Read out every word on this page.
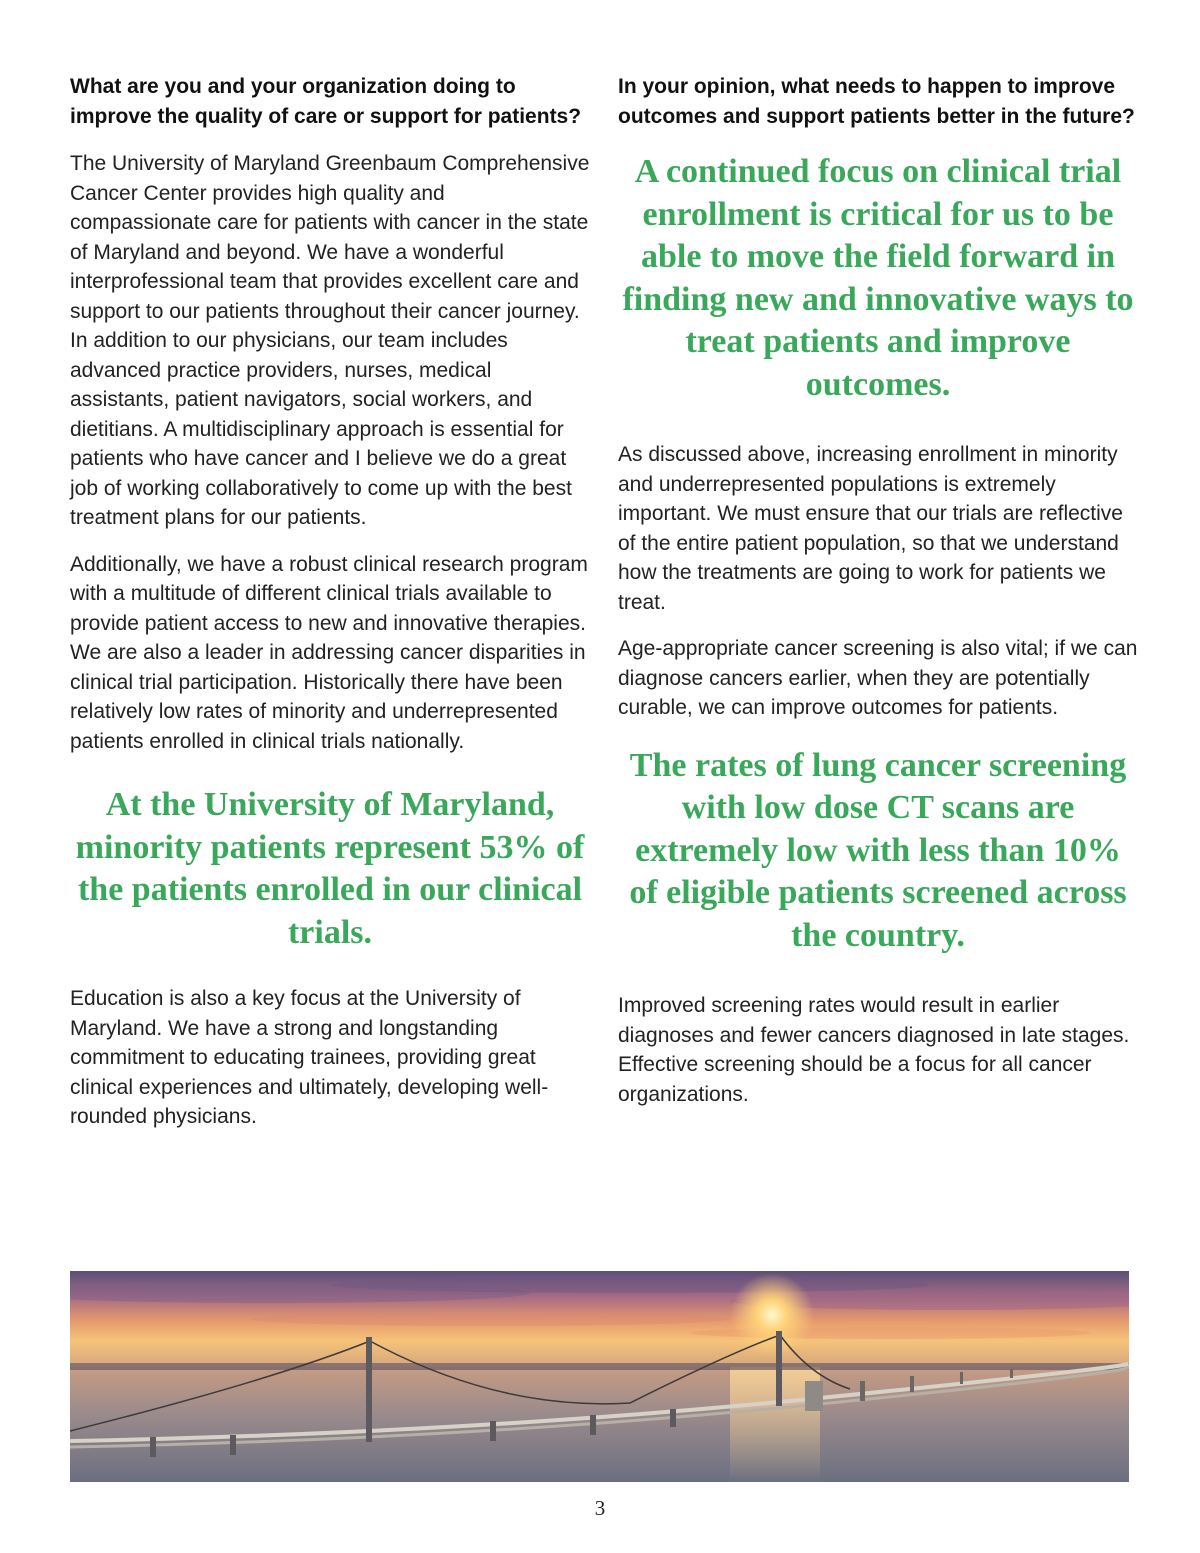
What are you and your organization doing to improve the quality of care or support for patients?

The University of Maryland Greenbaum Comprehensive Cancer Center provides high quality and compassionate care for patients with cancer in the state of Maryland and beyond. We have a wonderful interprofessional team that provides excellent care and support to our patients throughout their cancer journey. In addition to our physicians, our team includes advanced practice providers, nurses, medical assistants, patient navigators, social workers, and dietitians. A multidisciplinary approach is essential for patients who have cancer and I believe we do a great job of working collaboratively to come up with the best treatment plans for our patients.

Additionally, we have a robust clinical research program with a multitude of different clinical trials available to provide patient access to new and innovative therapies. We are also a leader in addressing cancer disparities in clinical trial participation. Historically there have been relatively low rates of minority and underrepresented patients enrolled in clinical trials nationally.

At the University of Maryland, minority patients represent 53% of the patients enrolled in our clinical trials.

Education is also a key focus at the University of Maryland. We have a strong and longstanding commitment to educating trainees, providing great clinical experiences and ultimately, developing well-rounded physicians.

In your opinion, what needs to happen to improve outcomes and support patients better in the future?

A continued focus on clinical trial enrollment is critical for us to be able to move the field forward in finding new and innovative ways to treat patients and improve outcomes.

As discussed above, increasing enrollment in minority and underrepresented populations is extremely important. We must ensure that our trials are reflective of the entire patient population, so that we understand how the treatments are going to work for patients we treat.

Age-appropriate cancer screening is also vital; if we can diagnose cancers earlier, when they are potentially curable, we can improve outcomes for patients.

The rates of lung cancer screening with low dose CT scans are extremely low with less than 10% of eligible patients screened across the country.

Improved screening rates would result in earlier diagnoses and fewer cancers diagnosed in late stages. Effective screening should be a focus for all cancer organizations.

3
